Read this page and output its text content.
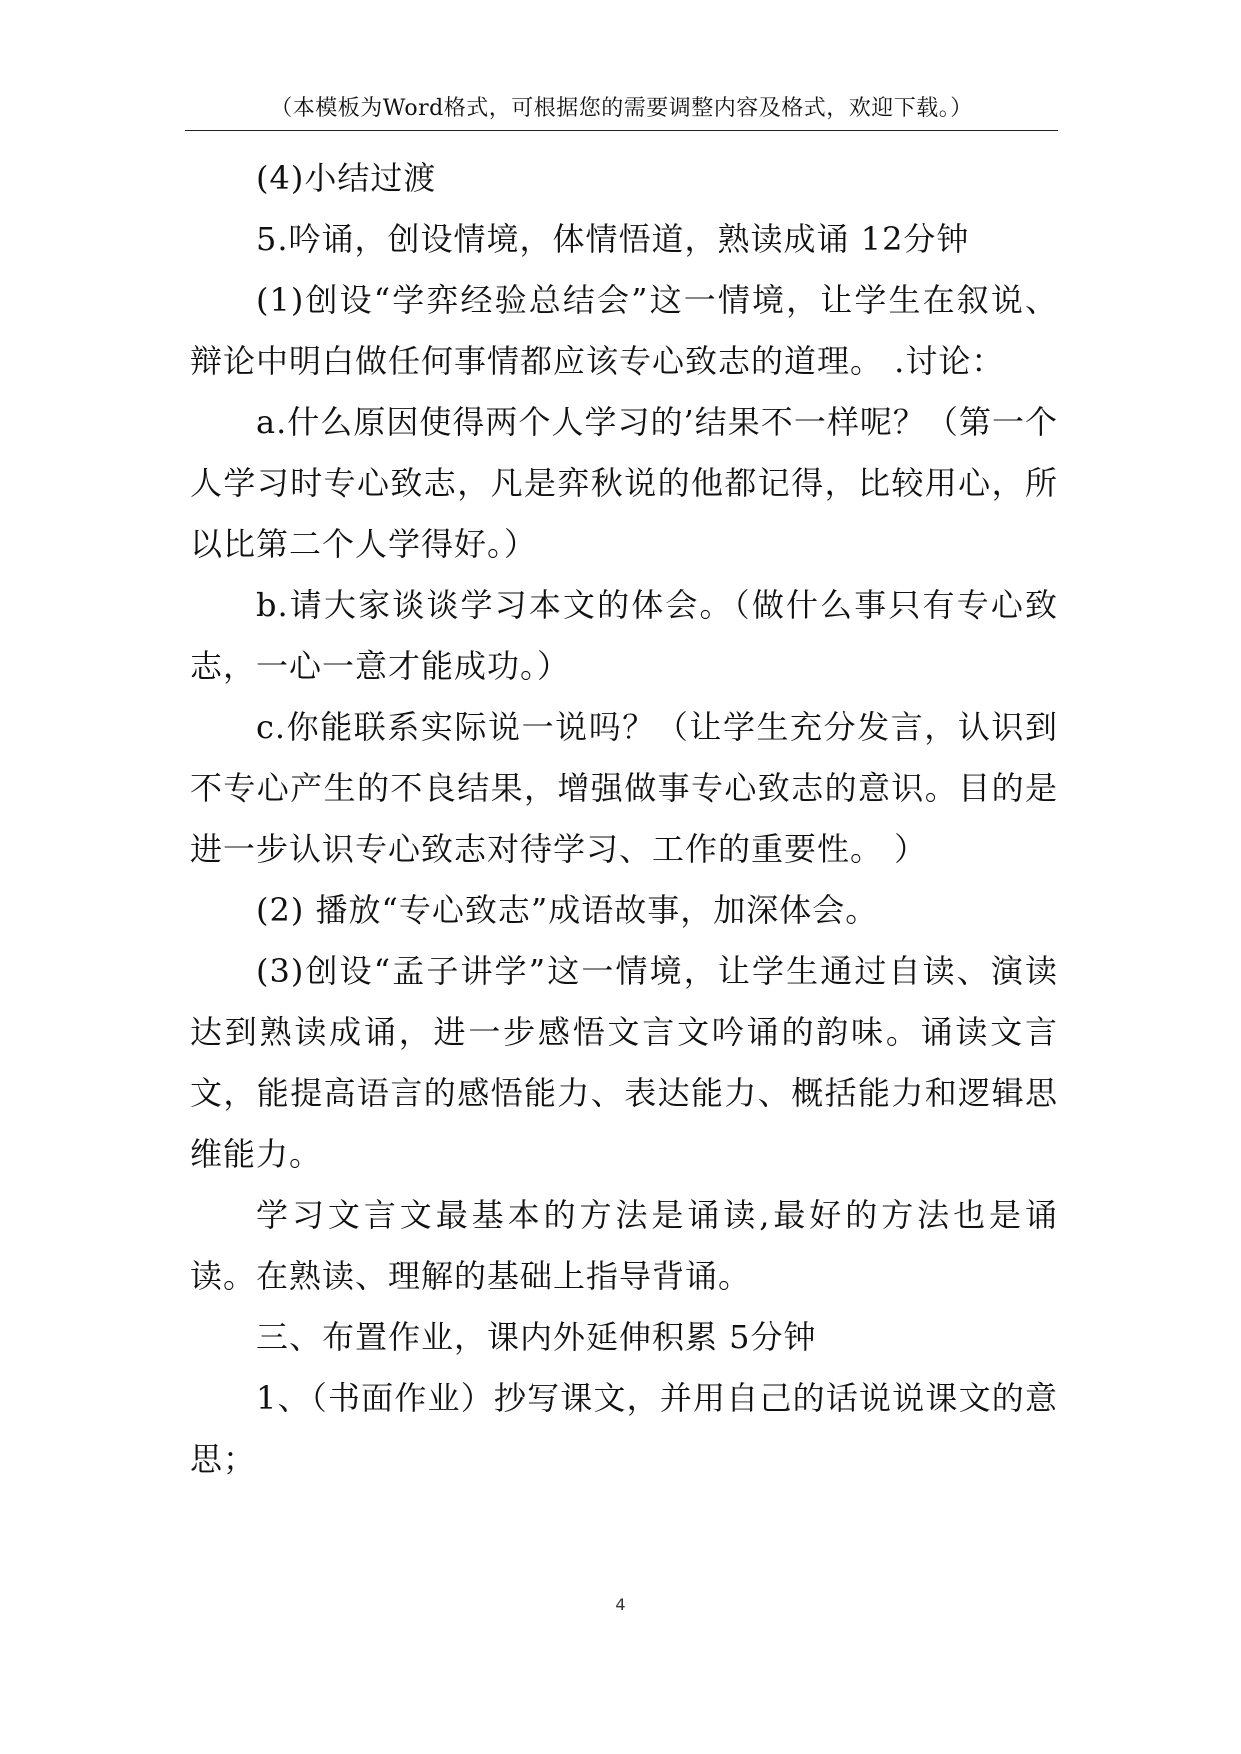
（本模板为Word格式，可根据您的需要调整内容及格式，欢迎下载。）

(4)小结过渡

5.吟诵，创设情境，体情悟道，熟读成诵 12分钟

(1)创设“学弈经验总结会”这一情境，让学生在叙说、辩论中明白做任何事情都应该专心致志的道理。 .讨论：

a.什么原因使得两个人学习的’结果不一样呢？（第一个人学习时专心致志，凡是弈秋说的他都记得，比较用心，所以比第二个人学得好。）

b.请大家谈谈学习本文的体会。（做什么事只有专心致志，一心一意才能成功。）

c.你能联系实际说一说吗？（让学生充分发言，认识到不专心产生的不良结果，增强做事专心致志的意识。目的是进一步认识专心致志对待学习、工作的重要性。 ）

(2) 播放“专心致志”成语故事，加深体会。

(3)创设“孟子讲学”这一情境，让学生通过自读、演读达到熟读成诵，进一步感悟文言文吟诵的韵味。诵读文言文，能提高语言的感悟能力、表达能力、概括能力和逻辑思维能力。

学习文言文最基本的方法是诵读,最好的方法也是诵读。在熟读、理解的基础上指导背诵。

三、布置作业，课内外延伸积累 5分钟

1、（书面作业）抄写课文，并用自己的话说说课文的意思；

4
